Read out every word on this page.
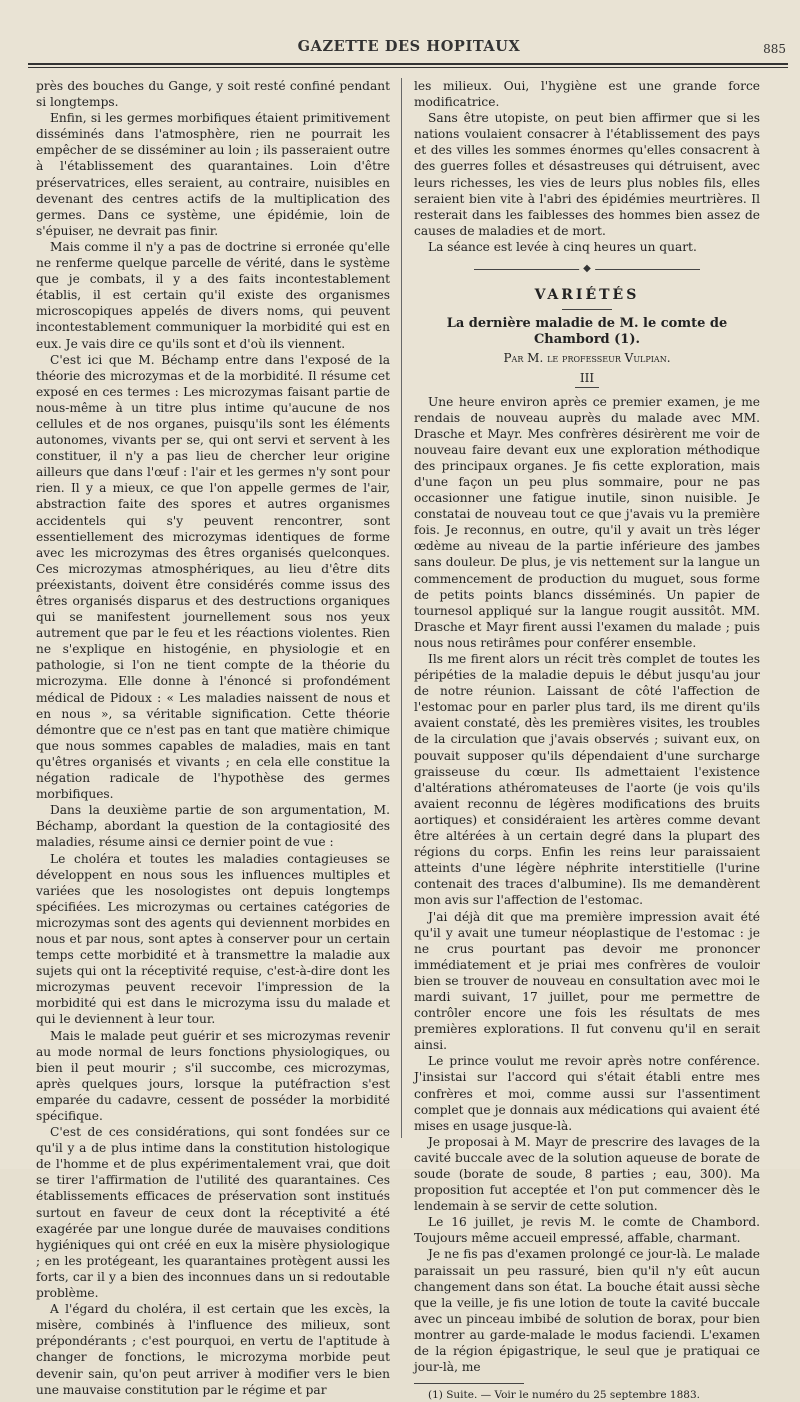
GAZETTE DES HOPITAUX	885

près des bouches du Gange, y soit resté confiné pendant si longtemps.

Enfin, si les germes morbifiques étaient primitivement disséminés dans l'atmosphère, rien ne pourrait les empêcher de se disséminer au loin ; ils passeraient outre à l'établissement des quarantaines. Loin d'être préservatrices, elles seraient, au contraire, nuisibles en devenant des centres actifs de la multiplication des germes. Dans ce système, une épidémie, loin de s'épuiser, ne devrait pas finir.

Mais comme il n'y a pas de doctrine si erronée qu'elle ne renferme quelque parcelle de vérité, dans le système que je combats, il y a des faits incontestablement établis, il est certain qu'il existe des organismes microscopiques appelés de divers noms, qui peuvent incontestablement communiquer la morbidité qui est en eux. Je vais dire ce qu'ils sont et d'où ils viennent.

C'est ici que M. Béchamp entre dans l'exposé de la théorie des microzymas et de la morbidité. Il résume cet exposé en ces termes : Les microzymas faisant partie de nous-même à un titre plus intime qu'aucune de nos cellules et de nos organes, puisqu'ils sont les éléments autonomes, vivants per se, qui ont servi et servent à les constituer, il n'y a pas lieu de chercher leur origine ailleurs que dans l'œuf : l'air et les germes n'y sont pour rien. Il y a mieux, ce que l'on appelle germes de l'air, abstraction faite des spores et autres organismes accidentels qui s'y peuvent rencontrer, sont essentiellement des microzymas identiques de forme avec les microzymas des êtres organisés quelconques. Ces microzymas atmosphériques, au lieu d'être dits préexistants, doivent être considérés comme issus des êtres organisés disparus et des destructions organiques qui se manifestent journellement sous nos yeux autrement que par le feu et les réactions violentes. Rien ne s'explique en histogénie, en physiologie et en pathologie, si l'on ne tient compte de la théorie du microzyma. Elle donne à l'énoncé si profondément médical de Pidoux : « Les maladies naissent de nous et en nous », sa véritable signification. Cette théorie démontre que ce n'est pas en tant que matière chimique que nous sommes capables de maladies, mais en tant qu'êtres organisés et vivants ; en cela elle constitue la négation radicale de l'hypothèse des germes morbifiques.

Dans la deuxième partie de son argumentation, M. Béchamp, abordant la question de la contagiosité des maladies, résume ainsi ce dernier point de vue :

Le choléra et toutes les maladies contagieuses se développent en nous sous les influences multiples et variées que les nosologistes ont depuis longtemps spécifiées. Les microzymas ou certaines catégories de microzymas sont des agents qui deviennent morbides en nous et par nous, sont aptes à conserver pour un certain temps cette morbidité et à transmettre la maladie aux sujets qui ont la réceptivité requise, c'est-à-dire dont les microzymas peuvent recevoir l'impression de la morbidité qui est dans le microzyma issu du malade et qui le deviennent à leur tour.

Mais le malade peut guérir et ses microzymas revenir au mode normal de leurs fonctions physiologiques, ou bien il peut mourir ; s'il succombe, ces microzymas, après quelques jours, lorsque la putéfraction s'est emparée du cadavre, cessent de posséder la morbidité spécifique.

C'est de ces considérations, qui sont fondées sur ce qu'il y a de plus intime dans la constitution histologique de l'homme et de plus expérimentalement vrai, que doit se tirer l'affirmation de l'utilité des quarantaines. Ces établissements efficaces de préservation sont institués surtout en faveur de ceux dont la réceptivité a été exagérée par une longue durée de mauvaises conditions hygiéniques qui ont créé en eux la misère physiologique ; en les protégeant, les quarantaines protègent aussi les forts, car il y a bien des inconnues dans un si redoutable problème.

A l'égard du choléra, il est certain que les excès, la misère, combinés à l'influence des milieux, sont prépondérants ; c'est pourquoi, en vertu de l'aptitude à changer de fonctions, le microzyma morbide peut devenir sain, qu'on peut arriver à modifier vers le bien une mauvaise constitution par le régime et par

les milieux. Oui, l'hygiène est une grande force modificatrice.

Sans être utopiste, on peut bien affirmer que si les nations voulaient consacrer à l'établissement des pays et des villes les sommes énormes qu'elles consacrent à des guerres folles et désastreuses qui détruisent, avec leurs richesses, les vies de leurs plus nobles fils, elles seraient bien vite à l'abri des épidémies meurtrières. Il resterait dans les faiblesses des hommes bien assez de causes de maladies et de mort.

La séance est levée à cinq heures un quart.

◆
VARIÉTÉS
La dernière maladie de M. le comte de Chambord (1).
Par M. le professeur Vulpian.
III

Une heure environ après ce premier examen, je me rendais de nouveau auprès du malade avec MM. Drasche et Mayr. Mes confrères désirèrent me voir de nouveau faire devant eux une exploration méthodique des principaux organes. Je fis cette exploration, mais d'une façon un peu plus sommaire, pour ne pas occasionner une fatigue inutile, sinon nuisible. Je constatai de nouveau tout ce que j'avais vu la première fois. Je reconnus, en outre, qu'il y avait un très léger œdème au niveau de la partie inférieure des jambes sans douleur. De plus, je vis nettement sur la langue un commencement de production du muguet, sous forme de petits points blancs disséminés. Un papier de tournesol appliqué sur la langue rougit aussitôt. MM. Drasche et Mayr firent aussi l'examen du malade ; puis nous nous retirâmes pour conférer ensemble.

Ils me firent alors un récit très complet de toutes les péripéties de la maladie depuis le début jusqu'au jour de notre réunion. Laissant de côté l'affection de l'estomac pour en parler plus tard, ils me dirent qu'ils avaient constaté, dès les premières visites, les troubles de la circulation que j'avais observés ; suivant eux, on pouvait supposer qu'ils dépendaient d'une surcharge graisseuse du cœur. Ils admettaient l'existence d'altérations athéromateuses de l'aorte (je vois qu'ils avaient reconnu de légères modifications des bruits aortiques) et considéraient les artères comme devant être altérées à un certain degré dans la plupart des régions du corps. Enfin les reins leur paraissaient atteints d'une légère néphrite interstitielle (l'urine contenait des traces d'albumine). Ils me demandèrent mon avis sur l'affection de l'estomac.

J'ai déjà dit que ma première impression avait été qu'il y avait une tumeur néoplastique de l'estomac : je ne crus pourtant pas devoir me prononcer immédiatement et je priai mes confrères de vouloir bien se trouver de nouveau en consultation avec moi le mardi suivant, 17 juillet, pour me permettre de contrôler encore une fois les résultats de mes premières explorations. Il fut convenu qu'il en serait ainsi.

Le prince voulut me revoir après notre conférence. J'insistai sur l'accord qui s'était établi entre mes confrères et moi, comme aussi sur l'assentiment complet que je donnais aux médications qui avaient été mises en usage jusque-là.

Je proposai à M. Mayr de prescrire des lavages de la cavité buccale avec de la solution aqueuse de borate de soude (borate de soude, 8 parties ; eau, 300). Ma proposition fut acceptée et l'on put commencer dès le lendemain à se servir de cette solution.

Le 16 juillet, je revis M. le comte de Chambord. Toujours même accueil empressé, affable, charmant.

Je ne fis pas d'examen prolongé ce jour-là. Le malade paraissait un peu rassuré, bien qu'il n'y eût aucun changement dans son état. La bouche était aussi sèche que la veille, je fis une lotion de toute la cavité buccale avec un pinceau imbibé de solution de borax, pour bien montrer au garde-malade le modus faciendi. L'examen de la région épigastrique, le seul que je pratiquai ce jour-là, me

(1) Suite. — Voir le numéro du 25 septembre 1883.
